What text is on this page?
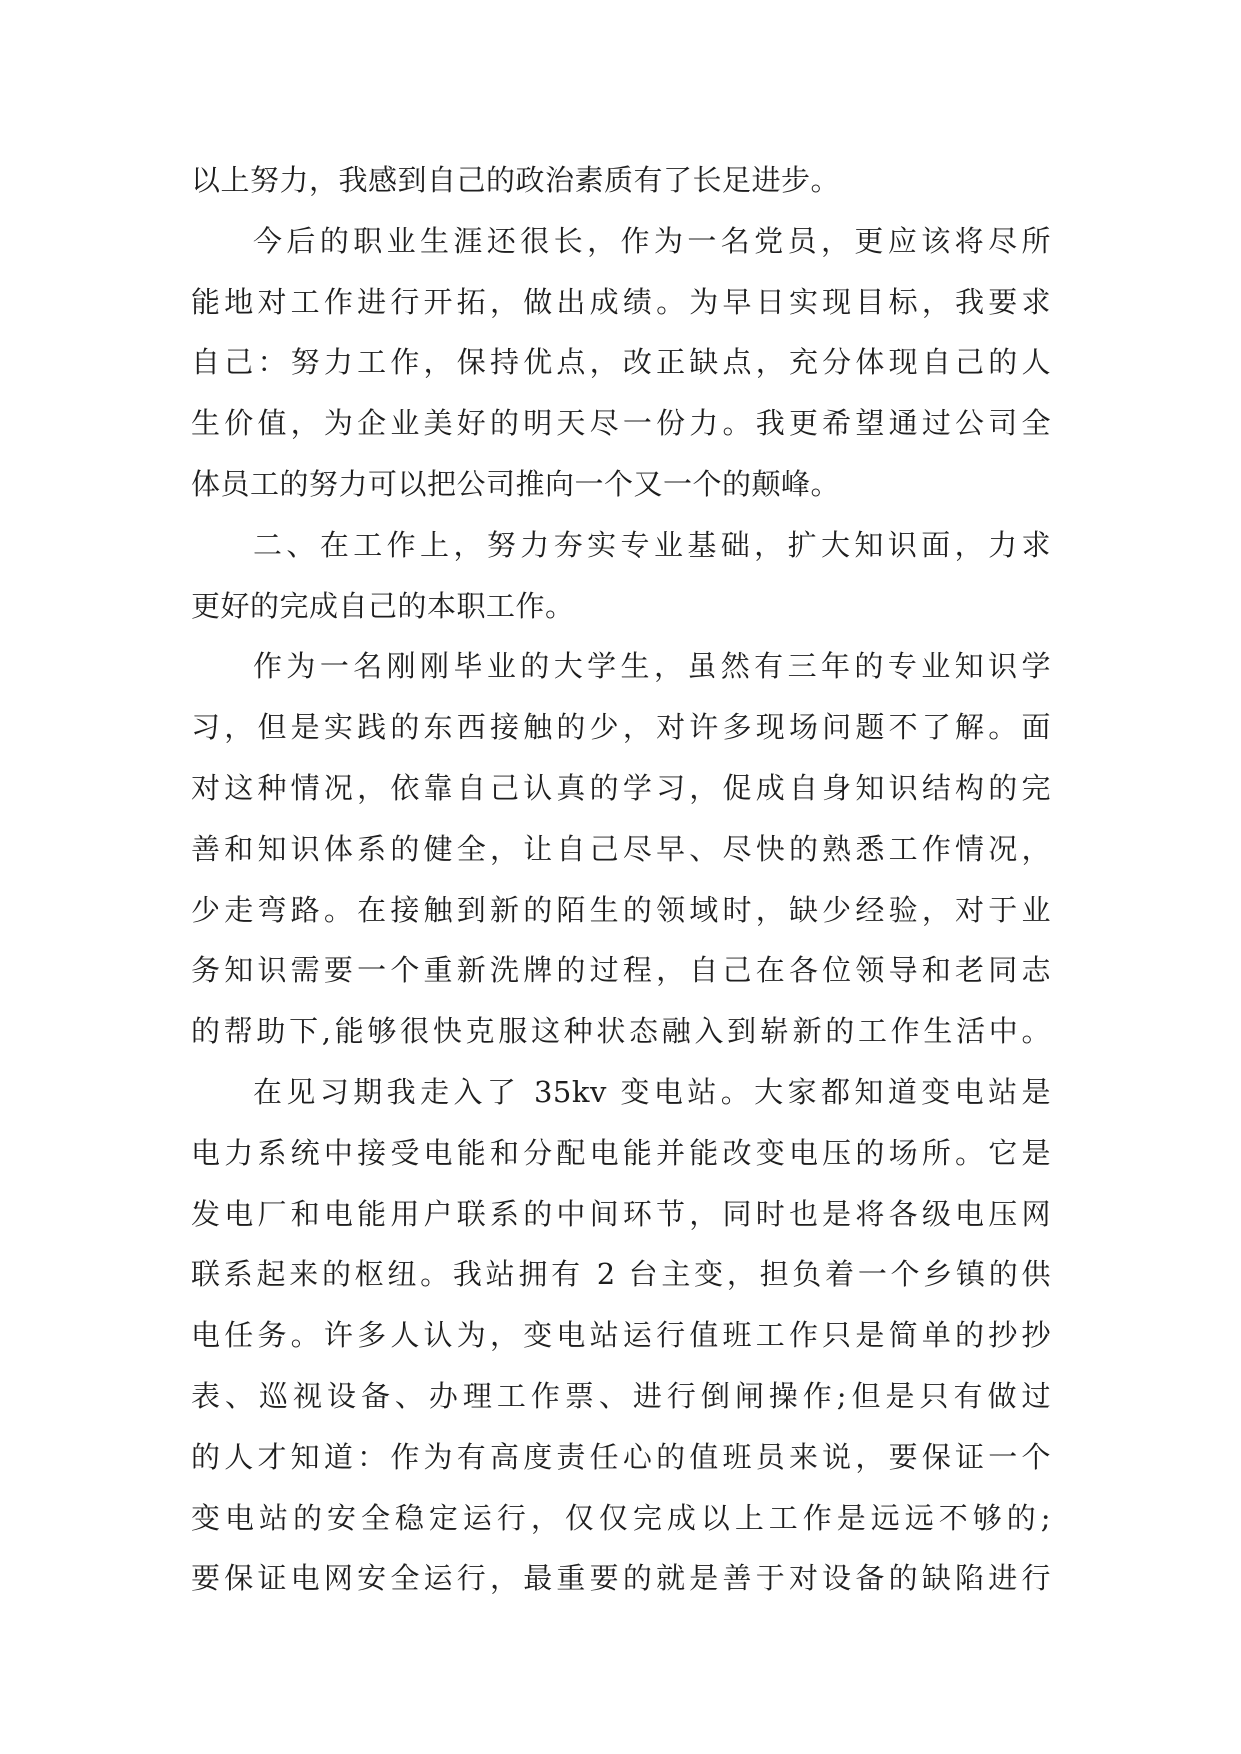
以上努力，我感到自己的政治素质有了长足进步。
今后的职业生涯还很长，作为一名党员，更应该将尽所
能地对工作进行开拓，做出成绩。为早日实现目标，我要求
自己：努力工作，保持优点，改正缺点，充分体现自己的人
生价值，为企业美好的明天尽一份力。我更希望通过公司全
体员工的努力可以把公司推向一个又一个的颠峰。
二、在工作上，努力夯实专业基础，扩大知识面，力求
更好的完成自己的本职工作。
作为一名刚刚毕业的大学生，虽然有三年的专业知识学
习，但是实践的东西接触的少，对许多现场问题不了解。面
对这种情况，依靠自己认真的学习，促成自身知识结构的完
善和知识体系的健全，让自己尽早、尽快的熟悉工作情况，
少走弯路。在接触到新的陌生的领域时，缺少经验，对于业
务知识需要一个重新洗牌的过程，自己在各位领导和老同志
的帮助下,能够很快克服这种状态融入到崭新的工作生活中。
在见习期我走入了 35kv 变电站。大家都知道变电站是
电力系统中接受电能和分配电能并能改变电压的场所。它是
发电厂和电能用户联系的中间环节，同时也是将各级电压网
联系起来的枢纽。我站拥有 2 台主变，担负着一个乡镇的供
电任务。许多人认为，变电站运行值班工作只是简单的抄抄
表、巡视设备、办理工作票、进行倒闸操作;但是只有做过
的人才知道：作为有高度责任心的值班员来说，要保证一个
变电站的安全稳定运行，仅仅完成以上工作是远远不够的;
要保证电网安全运行，最重要的就是善于对设备的缺陷进行
